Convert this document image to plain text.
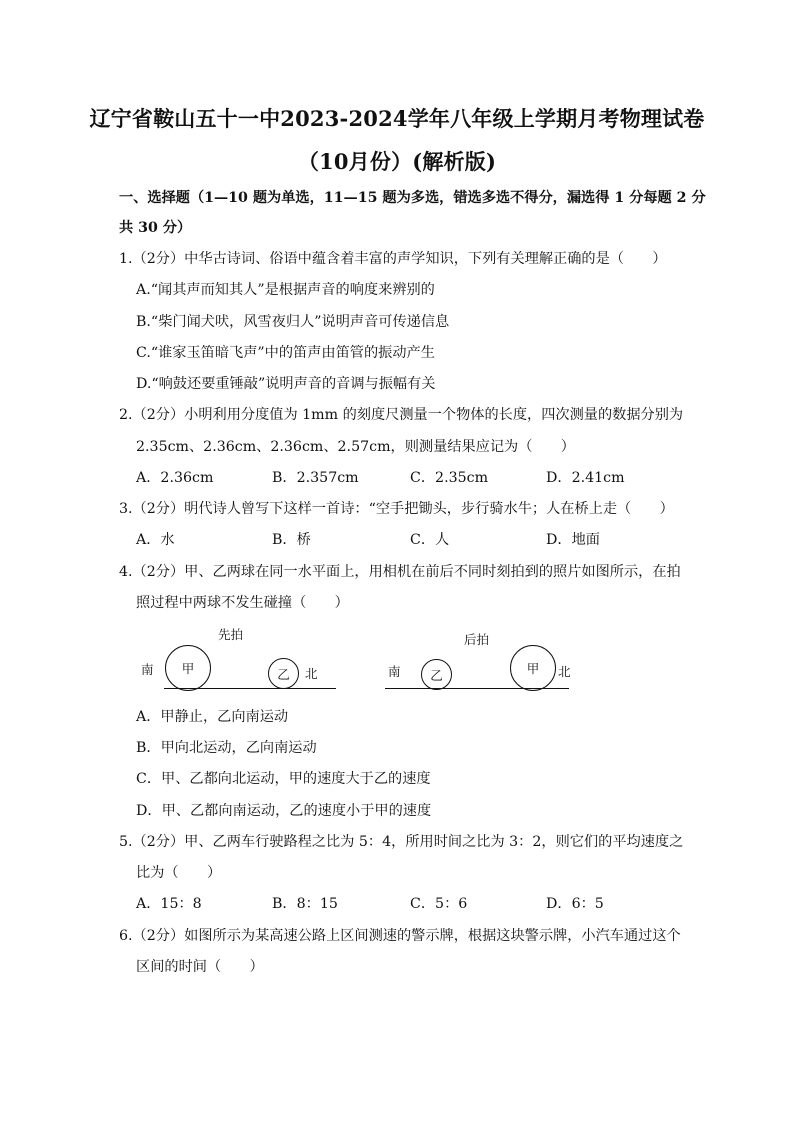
辽宁省鞍山五十一中2023-2024学年八年级上学期月考物理试卷
（10月份）(解析版)
一、选择题（1—10 题为单选，11—15 题为多选，错选多选不得分，漏选得 1 分每题 2 分
共 30 分）
1.（2分）中华古诗词、俗语中蕴含着丰富的声学知识，下列有关理解正确的是（　　）
A.“闻其声而知其人”是根据声音的响度来辨别的
B.“柴门闻犬吠，风雪夜归人”说明声音可传递信息
C.“谁家玉笛暗飞声”中的笛声由笛管的振动产生
D.“响鼓还要重锤敲”说明声音的音调与振幅有关
2.（2分）小明利用分度值为 1mm 的刻度尺测量一个物体的长度，四次测量的数据分别为
2.35cm、2.36cm、2.36cm、2.57cm，则测量结果应记为（　　）
A．2.36cm	B．2.357cm	C．2.35cm	D．2.41cm
3.（2分）明代诗人曾写下这样一首诗：“空手把锄头，步行骑水牛；人在桥上走（　　）
A．水	B．桥	C．人	D．地面
4.（2分）甲、乙两球在同一水平面上，用相机在前后不同时刻拍到的照片如图所示，在拍
照过程中两球不发生碰撞（　　）
先拍
南	甲	乙	北
后拍
南	乙	甲	北
A．甲静止，乙向南运动
B．甲向北运动，乙向南运动
C．甲、乙都向北运动，甲的速度大于乙的速度
D．甲、乙都向南运动，乙的速度小于甲的速度
5.（2分）甲、乙两车行驶路程之比为 5：4，所用时间之比为 3：2，则它们的平均速度之
比为（　　）
A．15：8	B．8：15	C．5：6	D．6：5
6.（2分）如图所示为某高速公路上区间测速的警示牌，根据这块警示牌，小汽车通过这个
区间的时间（　　）
